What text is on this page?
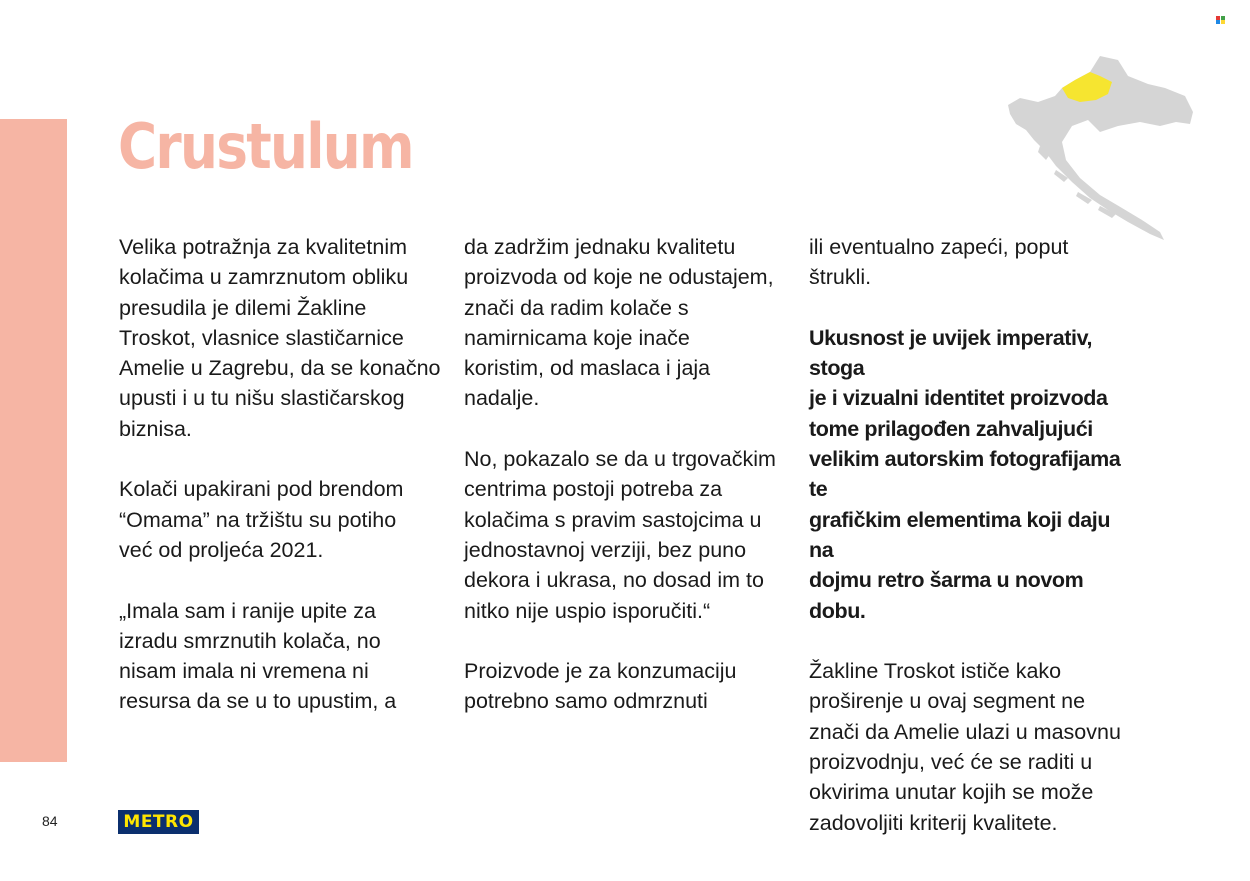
Crustulum

Velika potražnja za kvalitetnim
kolačima u zamrznutom obliku
presudila je dilemi Žakline
Troskot, vlasnice slastičarnice
Amelie u Zagrebu, da se konačno
upusti i u tu nišu slastičarskog
biznisa.

Kolači upakirani pod brendom
“Omama” na tržištu su potiho
već od proljeća 2021.

„Imala sam i ranije upite za
izradu smrznutih kolača, no
nisam imala ni vremena ni
resursa da se u to upustim, a

da zadržim jednaku kvalitetu
proizvoda od koje ne odustajem,
znači da radim kolače s
namirnicama koje inače
koristim, od maslaca i jaja
nadalje.

No, pokazalo se da u trgovačkim
centrima postoji potreba za
kolačima s pravim sastojcima u
jednostavnoj verziji, bez puno
dekora i ukrasa, no dosad im to
nitko nije uspio isporučiti.“

Proizvode je za konzumaciju
potrebno samo odmrznuti

ili eventualno zapeći, poput
štrukli.

Ukusnost je uvijek imperativ, stoga
je i vizualni identitet proizvoda
tome prilagođen zahvaljujući
velikim autorskim fotografijama te
grafičkim elementima koji daju na
dojmu retro šarma u novom dobu.

Žakline Troskot ističe kako
proširenje u ovaj segment ne
znači da Amelie ulazi u masovnu
proizvodnju, već će se raditi u
okvirima unutar kojih se može
zadovoljiti kriterij kvalitete.

84	METRO
